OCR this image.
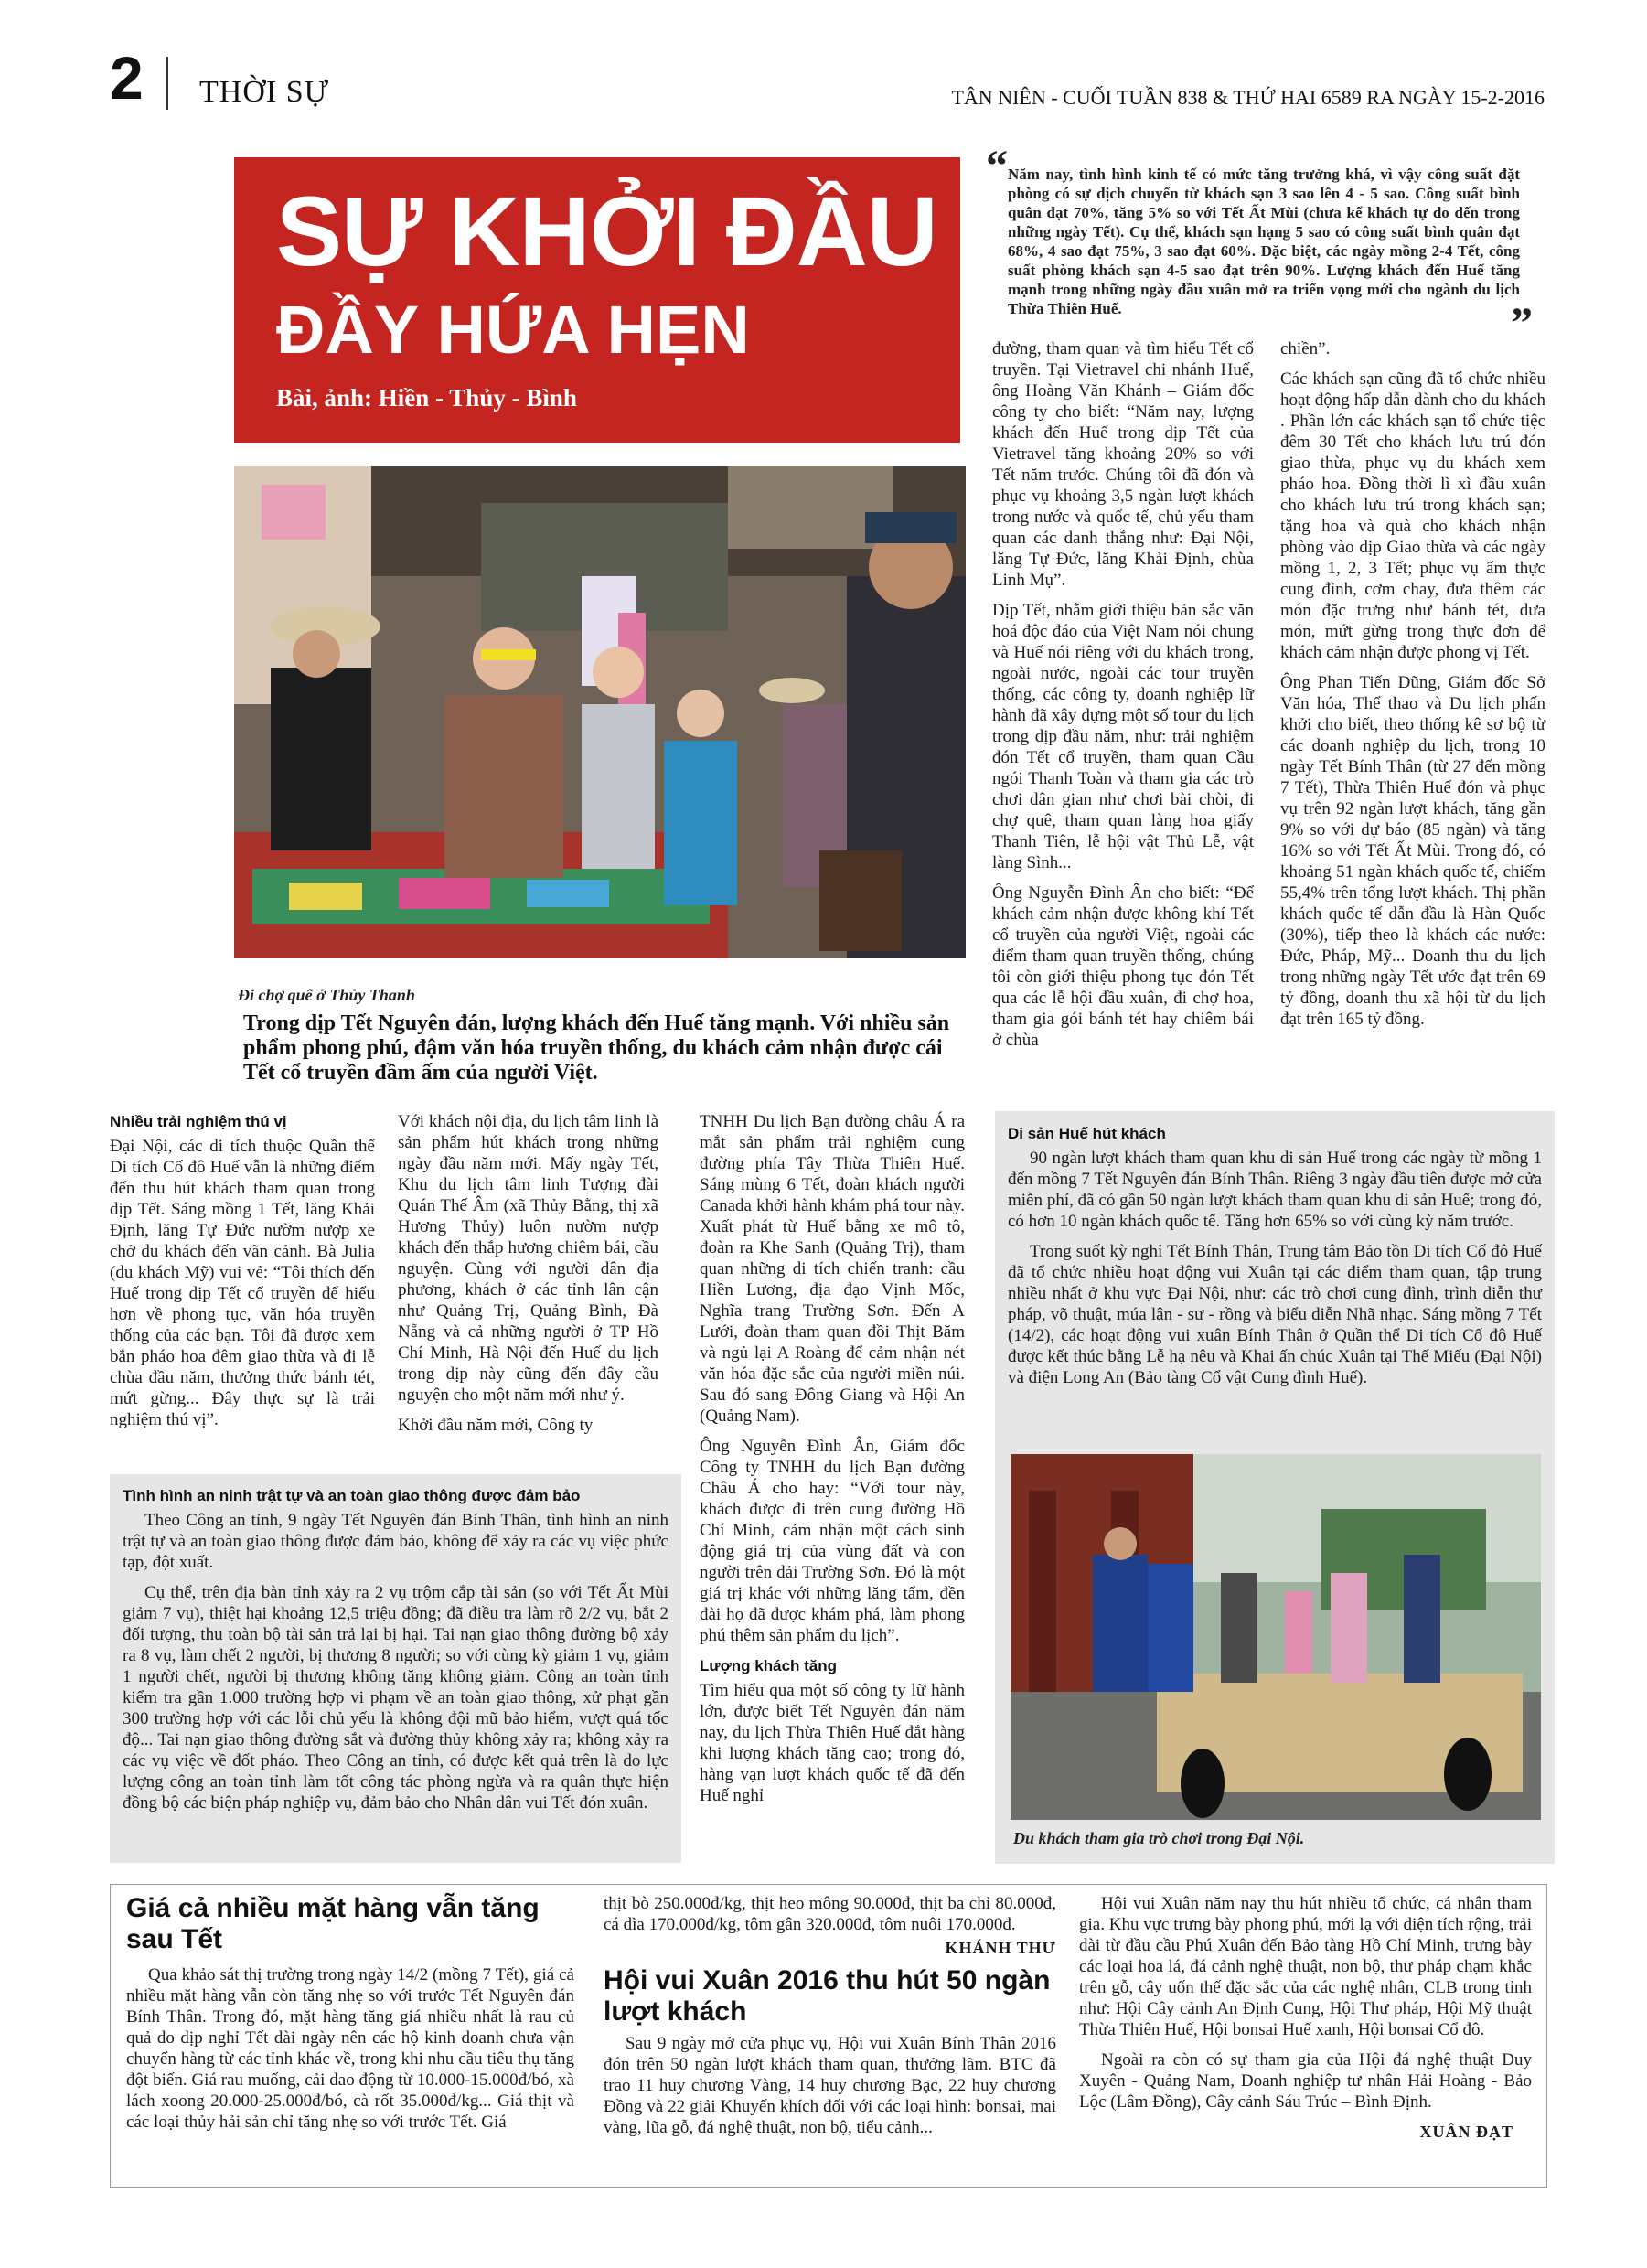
2 THỜI SỰ	TÂN NIÊN - CUỐI TUẦN 838 & THỨ HAI 6589 RA NGÀY 15-2-2016
SỰ KHỞI ĐẦU
ĐẦY HỨA HẸN
Bài, ảnh: Hiền - Thủy - Bình
“ Năm nay, tình hình kinh tế có mức tăng trưởng khá, vì vậy công suất đặt phòng có sự dịch chuyển từ khách sạn 3 sao lên 4 - 5 sao. Công suất bình quân đạt 70%, tăng 5% so với Tết Ất Mùi (chưa kể khách tự do đến trong những ngày Tết). Cụ thể, khách sạn hạng 5 sao có công suất bình quân đạt 68%, 4 sao đạt 75%, 3 sao đạt 60%. Đặc biệt, các ngày mồng 2-4 Tết, công suất phòng khách sạn 4-5 sao đạt trên 90%. Lượng khách đến Huế tăng mạnh trong những ngày đầu xuân mở ra triển vọng mới cho ngành du lịch Thừa Thiên Huế.	”
Đi chợ quê ở Thủy Thanh
Trong dịp Tết Nguyên đán, lượng khách đến Huế tăng mạnh. Với nhiều sản phẩm phong phú, đậm văn hóa truyền thống, du khách cảm nhận được cái Tết cổ truyền đầm ấm của người Việt.

đường, tham quan và tìm hiểu Tết cổ truyền. Tại Vietravel chi nhánh Huế, ông Hoàng Văn Khánh – Giám đốc công ty cho biết: “Năm nay, lượng khách đến Huế trong dịp Tết của Vietravel tăng khoảng 20% so với Tết năm trước. Chúng tôi đã đón và phục vụ khoảng 3,5 ngàn lượt khách trong nước và quốc tế, chủ yếu tham quan các danh thắng như: Đại Nội, lăng Tự Đức, lăng Khải Định, chùa Linh Mụ”.

Dịp Tết, nhằm giới thiệu bản sắc văn hoá độc đáo của Việt Nam nói chung và Huế nói riêng với du khách trong, ngoài nước, ngoài các tour truyền thống, các công ty, doanh nghiệp lữ hành đã xây dựng một số tour du lịch trong dịp đầu năm, như: trải nghiệm đón Tết cổ truyền, tham quan Cầu ngói Thanh Toàn và tham gia các trò chơi dân gian như chơi bài chòi, đi chợ quê, tham quan làng hoa giấy Thanh Tiên, lễ hội vật Thủ Lễ, vật làng Sình...

Ông Nguyễn Đình Ân cho biết: “Để khách cảm nhận được không khí Tết cổ truyền của người Việt, ngoài các điểm tham quan truyền thống, chúng tôi còn giới thiệu phong tục đón Tết qua các lễ hội đầu xuân, đi chợ hoa, tham gia gói bánh tét hay chiêm bái ở chùa

chiền”.

Các khách sạn cũng đã tổ chức nhiều hoạt động hấp dẫn dành cho du khách . Phần lớn các khách sạn tổ chức tiệc đêm 30 Tết cho khách lưu trú đón giao thừa, phục vụ du khách xem pháo hoa. Đồng thời lì xì đầu xuân cho khách lưu trú trong khách sạn; tặng hoa và quà cho khách nhận phòng vào dịp Giao thừa và các ngày mồng 1, 2, 3 Tết; phục vụ ẩm thực cung đình, cơm chay, đưa thêm các món đặc trưng như bánh tét, dưa món, mứt gừng trong thực đơn để khách cảm nhận được phong vị Tết.

Ông Phan Tiến Dũng, Giám đốc Sở Văn hóa, Thể thao và Du lịch phấn khởi cho biết, theo thống kê sơ bộ từ các doanh nghiệp du lịch, trong 10 ngày Tết Bính Thân (từ 27 đến mồng 7 Tết), Thừa Thiên Huế đón và phục vụ trên 92 ngàn lượt khách, tăng gần 9% so với dự báo (85 ngàn) và tăng 16% so với Tết Ất Mùi. Trong đó, có khoảng 51 ngàn khách quốc tế, chiếm 55,4% trên tổng lượt khách. Thị phần khách quốc tế dẫn đầu là Hàn Quốc (30%), tiếp theo là khách các nước: Đức, Pháp, Mỹ... Doanh thu du lịch trong những ngày Tết ước đạt trên 69 tỷ đồng, doanh thu xã hội từ du lịch đạt trên 165 tỷ đồng.

Nhiều trải nghiệm thú vị

Đại Nội, các di tích thuộc Quần thể Di tích Cố đô Huế vẫn là những điểm đến thu hút khách tham quan trong dịp Tết. Sáng mồng 1 Tết, lăng Khải Định, lăng Tự Đức nườm nượp xe chở du khách đến vãn cảnh. Bà Julia (du khách Mỹ) vui vẻ: “Tôi thích đến Huế trong dịp Tết cổ truyền để hiểu hơn về phong tục, văn hóa truyền thống của các bạn. Tôi đã được xem bắn pháo hoa đêm giao thừa và đi lễ chùa đầu năm, thưởng thức bánh tét, mứt gừng... Đây thực sự là trải nghiệm thú vị”.

Với khách nội địa, du lịch tâm linh là sản phẩm hút khách trong những ngày đầu năm mới. Mấy ngày Tết, Khu du lịch tâm linh Tượng đài Quán Thế Âm (xã Thủy Bằng, thị xã Hương Thủy) luôn nườm nượp khách đến thắp hương chiêm bái, cầu nguyện. Cùng với người dân địa phương, khách ở các tỉnh lân cận như Quảng Trị, Quảng Bình, Đà Nẵng và cả những người ở TP Hồ Chí Minh, Hà Nội đến Huế du lịch trong dịp này cũng đến đây cầu nguyện cho một năm mới như ý.

Khởi đầu năm mới, Công ty

TNHH Du lịch Bạn đường châu Á ra mắt sản phẩm trải nghiệm cung đường phía Tây Thừa Thiên Huế. Sáng mùng 6 Tết, đoàn khách người Canada khởi hành khám phá tour này. Xuất phát từ Huế bằng xe mô tô, đoàn ra Khe Sanh (Quảng Trị), tham quan những di tích chiến tranh: cầu Hiền Lương, địa đạo Vịnh Mốc, Nghĩa trang Trường Sơn. Đến A Lưới, đoàn tham quan đồi Thịt Băm và ngủ lại A Roàng để cảm nhận nét văn hóa đặc sắc của người miền núi. Sau đó sang Đông Giang và Hội An (Quảng Nam).

Ông Nguyễn Đình Ân, Giám đốc Công ty TNHH du lịch Bạn đường Châu Á cho hay: “Với tour này, khách được đi trên cung đường Hồ Chí Minh, cảm nhận một cách sinh động giá trị của vùng đất và con người trên dải Trường Sơn. Đó là một giá trị khác với những lăng tẩm, đền đài họ đã được khám phá, làm phong phú thêm sản phẩm du lịch”.

Lượng khách tăng

Tìm hiểu qua một số công ty lữ hành lớn, được biết Tết Nguyên đán năm nay, du lịch Thừa Thiên Huế đắt hàng khi lượng khách tăng cao; trong đó, hàng vạn lượt khách quốc tế đã đến Huế nghỉ

Tình hình an ninh trật tự và an toàn giao thông được đảm bảo

Theo Công an tỉnh, 9 ngày Tết Nguyên đán Bính Thân, tình hình an ninh trật tự và an toàn giao thông được đảm bảo, không để xảy ra các vụ việc phức tạp, đột xuất.

Cụ thể, trên địa bàn tỉnh xảy ra 2 vụ trộm cắp tài sản (so với Tết Ất Mùi giảm 7 vụ), thiệt hại khoảng 12,5 triệu đồng; đã điều tra làm rõ 2/2 vụ, bắt 2 đối tượng, thu toàn bộ tài sản trả lại bị hại. Tai nạn giao thông đường bộ xảy ra 8 vụ, làm chết 2 người, bị thương 8 người; so với cùng kỳ giảm 1 vụ, giảm 1 người chết, người bị thương không tăng không giảm. Công an toàn tỉnh kiểm tra gần 1.000 trường hợp vi phạm về an toàn giao thông, xử phạt gần 300 trường hợp với các lỗi chủ yếu là không đội mũ bảo hiểm, vượt quá tốc độ... Tai nạn giao thông đường sắt và đường thủy không xảy ra; không xảy ra các vụ việc về đốt pháo. Theo Công an tỉnh, có được kết quả trên là do lực lượng công an toàn tỉnh làm tốt công tác phòng ngừa và ra quân thực hiện đồng bộ các biện pháp nghiệp vụ, đảm bảo cho Nhân dân vui Tết đón xuân.

Di sản Huế hút khách

90 ngàn lượt khách tham quan khu di sản Huế trong các ngày từ mồng 1 đến mồng 7 Tết Nguyên đán Bính Thân. Riêng 3 ngày đầu tiên được mở cửa miễn phí, đã có gần 50 ngàn lượt khách tham quan khu di sản Huế; trong đó, có hơn 10 ngàn khách quốc tế. Tăng hơn 65% so với cùng kỳ năm trước.

Trong suốt kỳ nghỉ Tết Bính Thân, Trung tâm Bảo tồn Di tích Cố đô Huế đã tổ chức nhiều hoạt động vui Xuân tại các điểm tham quan, tập trung nhiều nhất ở khu vực Đại Nội, như: các trò chơi cung đình, trình diễn thư pháp, võ thuật, múa lân - sư - rồng và biểu diễn Nhã nhạc. Sáng mồng 7 Tết (14/2), các hoạt động vui xuân Bính Thân ở Quần thể Di tích Cố đô Huế được kết thúc bằng Lễ hạ nêu và Khai ấn chúc Xuân tại Thế Miếu (Đại Nội) và điện Long An (Bảo tàng Cổ vật Cung đình Huế).

Du khách tham gia trò chơi trong Đại Nội.
Giá cả nhiều mặt hàng vẫn tăng sau Tết
Qua khảo sát thị trường trong ngày 14/2 (mồng 7 Tết), giá cả nhiều mặt hàng vẫn còn tăng nhẹ so với trước Tết Nguyên đán Bính Thân. Trong đó, mặt hàng tăng giá nhiều nhất là rau củ quả do dịp nghỉ Tết dài ngày nên các hộ kinh doanh chưa vận chuyển hàng từ các tỉnh khác về, trong khi nhu cầu tiêu thụ tăng đột biến. Giá rau muống, cải dao động từ 10.000-15.000đ/bó, xà lách xoong 20.000-25.000đ/bó, cà rốt 35.000đ/kg... Giá thịt và các loại thủy hải sản chỉ tăng nhẹ so với trước Tết. Giá
thịt bò 250.000đ/kg, thịt heo mông 90.000đ, thịt ba chỉ 80.000đ, cá dìa 170.000đ/kg, tôm gân 320.000đ, tôm nuôi 170.000đ.
KHÁNH THƯ
Hội vui Xuân 2016 thu hút 50 ngàn lượt khách
Sau 9 ngày mở cửa phục vụ, Hội vui Xuân Bính Thân 2016 đón trên 50 ngàn lượt khách tham quan, thưởng lãm. BTC đã trao 11 huy chương Vàng, 14 huy chương Bạc, 22 huy chương Đồng và 22 giải Khuyến khích đối với các loại hình: bonsai, mai vàng, lũa gỗ, đá nghệ thuật, non bộ, tiểu cảnh...

Hội vui Xuân năm nay thu hút nhiều tổ chức, cá nhân tham gia. Khu vực trưng bày phong phú, mới lạ với diện tích rộng, trải dài từ đầu cầu Phú Xuân đến Bảo tàng Hồ Chí Minh, trưng bày các loại hoa lá, đá cảnh nghệ thuật, non bộ, thư pháp chạm khắc trên gỗ, cây uốn thế đặc sắc của các nghệ nhân, CLB trong tỉnh như: Hội Cây cảnh An Định Cung, Hội Thư pháp, Hội Mỹ thuật Thừa Thiên Huế, Hội bonsai Huế xanh, Hội bonsai Cổ đô.

Ngoài ra còn có sự tham gia của Hội đá nghệ thuật Duy Xuyên - Quảng Nam, Doanh nghiệp tư nhân Hải Hoàng - Bảo Lộc (Lâm Đồng), Cây cảnh Sáu Trúc – Bình Định.

XUÂN ĐẠT
